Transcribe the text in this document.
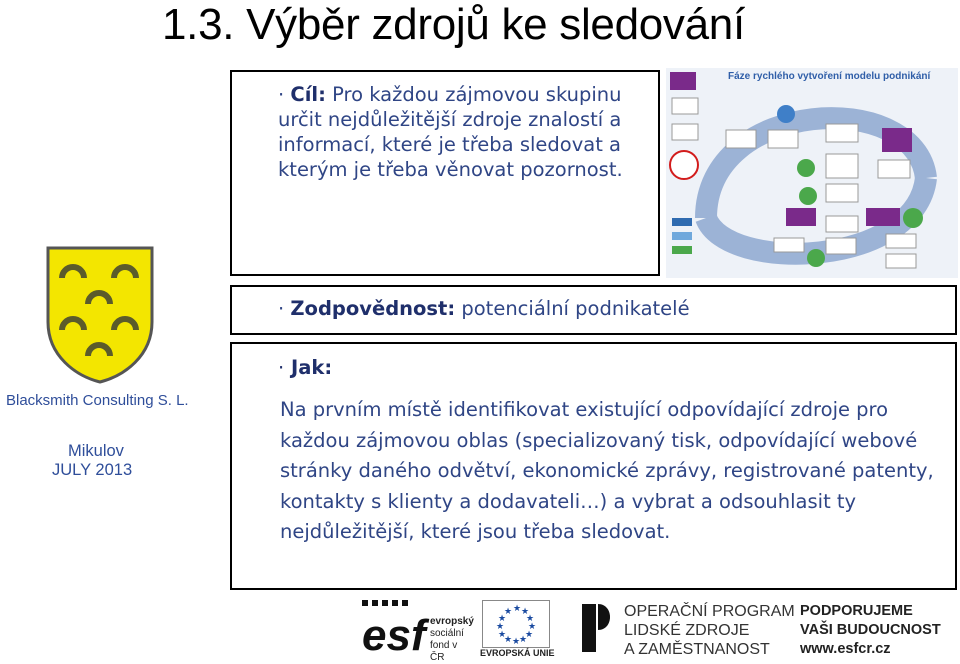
1.3. Výběr zdrojů ke sledování
· Cíl: Pro každou zájmovou skupinu určit nejdůležitější zdroje znalostí a informací, které je třeba sledovat a kterým je třeba věnovat pozornost.
Fáze rychlého vytvoření modelu podnikání
· Zodpovědnost: potenciální podnikatelé
· Jak:
Na prvním místě identifikovat existující odpovídající zdroje pro každou zájmovou oblas (specializovaný tisk, odpovídající webové stránky daného odvětví, ekonomické zprávy, registrované patenty, kontakty s klienty a dodavateli…) a vybrat a odsouhlasit ty nejdůležitější, které jsou třeba sledovat.
Blacksmith Consulting S. L.
Mikulov
JULY 2013
esf evropský
sociální
fond v ČR
★ ★
★
★
★
★
★
★
★
★
★
★
EVROPSKÁ UNIE
OPERAČNÍ PROGRAM
LIDSKÉ ZDROJE
A ZAMĚSTNANOST
PODPORUJEME
VAŠI BUDOUCNOST
www.esfcr.cz
